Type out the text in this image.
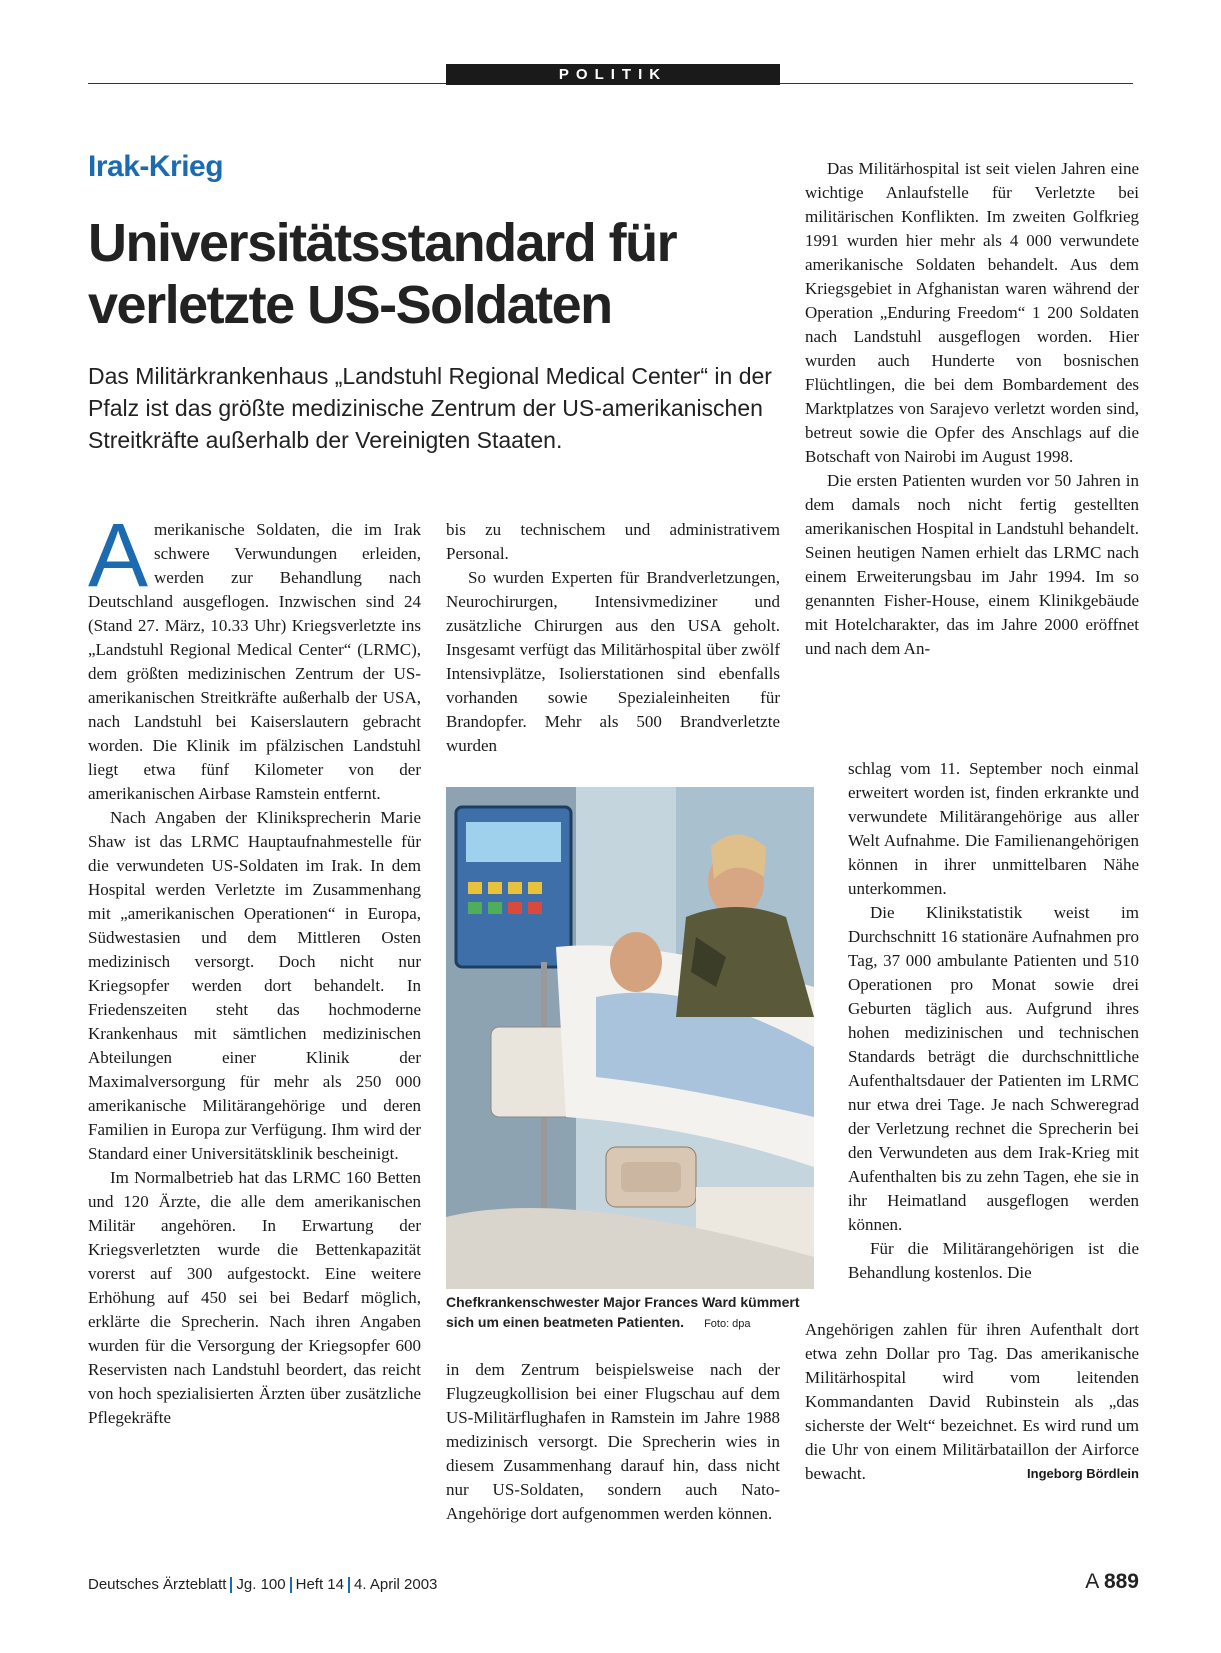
POLITIK
Irak-Krieg
Universitätsstandard für verletzte US-Soldaten

Das Militärkrankenhaus „Landstuhl Regional Medical Center“ in der Pfalz ist das größte medizinische Zentrum der US-amerikanischen Streitkräfte außerhalb der Vereinigten Staaten.

Amerikanische Soldaten, die im Irak schwere Verwundungen erleiden, werden zur Behandlung nach Deutschland ausgeflogen. Inzwischen sind 24 (Stand 27. März, 10.33 Uhr) Kriegsverletzte ins „Landstuhl Regional Medical Center“ (LRMC), dem größten medizinischen Zentrum der US-amerikanischen Streitkräfte außerhalb der USA, nach Landstuhl bei Kaiserslautern gebracht worden. Die Klinik im pfälzischen Landstuhl liegt etwa fünf Kilometer von der amerikanischen Airbase Ramstein entfernt.

Nach Angaben der Kliniksprecherin Marie Shaw ist das LRMC Hauptaufnahmestelle für die verwundeten US-Soldaten im Irak. In dem Hospital werden Verletzte im Zusammenhang mit „amerikanischen Operationen“ in Europa, Südwestasien und dem Mittleren Osten medizinisch versorgt. Doch nicht nur Kriegsopfer werden dort behandelt. In Friedenszeiten steht das hochmoderne Krankenhaus mit sämtlichen medizinischen Abteilungen einer Klinik der Maximalversorgung für mehr als 250 000 amerikanische Militärangehörige und deren Familien in Europa zur Verfügung. Ihm wird der Standard einer Universitätsklinik bescheinigt.

Im Normalbetrieb hat das LRMC 160 Betten und 120 Ärzte, die alle dem amerikanischen Militär angehören. In Erwartung der Kriegsverletzten wurde die Bettenkapazität vorerst auf 300 aufgestockt. Eine weitere Erhöhung auf 450 sei bei Bedarf möglich, erklärte die Sprecherin. Nach ihren Angaben wurden für die Versorgung der Kriegsopfer 600 Reservisten nach Landstuhl beordert, das reicht von hoch spezialisierten Ärzten über zusätzliche Pflegekräfte

bis zu technischem und administrativem Personal.

So wurden Experten für Brandverletzungen, Neurochirurgen, Intensivmediziner und zusätzliche Chirurgen aus den USA geholt. Insgesamt verfügt das Militärhospital über zwölf Intensivplätze, Isolierstationen sind ebenfalls vorhanden sowie Spezialeinheiten für Brandopfer. Mehr als 500 Brandverletzte wurden

Chefkrankenschwester Major Frances Ward kümmert sich um einen beatmeten Patienten. Foto: dpa

in dem Zentrum beispielsweise nach der Flugzeugkollision bei einer Flugschau auf dem US-Militärflughafen in Ramstein im Jahre 1988 medizinisch versorgt. Die Sprecherin wies in diesem Zusammenhang darauf hin, dass nicht nur US-Soldaten, sondern auch Nato-Angehörige dort aufgenommen werden können.

Das Militärhospital ist seit vielen Jahren eine wichtige Anlaufstelle für Verletzte bei militärischen Konflikten. Im zweiten Golfkrieg 1991 wurden hier mehr als 4 000 verwundete amerikanische Soldaten behandelt. Aus dem Kriegsgebiet in Afghanistan waren während der Operation „Enduring Freedom“ 1 200 Soldaten nach Landstuhl ausgeflogen worden. Hier wurden auch Hunderte von bosnischen Flüchtlingen, die bei dem Bombardement des Marktplatzes von Sarajevo verletzt worden sind, betreut sowie die Opfer des Anschlags auf die Botschaft von Nairobi im August 1998.

Die ersten Patienten wurden vor 50 Jahren in dem damals noch nicht fertig gestellten amerikanischen Hospital in Landstuhl behandelt. Seinen heutigen Namen erhielt das LRMC nach einem Erweiterungsbau im Jahr 1994. Im so genannten Fisher-House, einem Klinikgebäude mit Hotelcharakter, das im Jahre 2000 eröffnet und nach dem An-

schlag vom 11. September noch einmal erweitert worden ist, finden erkrankte und verwundete Militärangehörige aus aller Welt Aufnahme. Die Familienangehörigen können in ihrer unmittelbaren Nähe unterkommen.

Die Klinikstatistik weist im Durchschnitt 16 stationäre Aufnahmen pro Tag, 37 000 ambulante Patienten und 510 Operationen pro Monat sowie drei Geburten täglich aus. Aufgrund ihres hohen medizinischen und technischen Standards beträgt die durchschnittliche Aufenthaltsdauer der Patienten im LRMC nur etwa drei Tage. Je nach Schweregrad der Verletzung rechnet die Sprecherin bei den Verwundeten aus dem Irak-Krieg mit Aufenthalten bis zu zehn Tagen, ehe sie in ihr Heimatland ausgeflogen werden können.

Für die Militärangehörigen ist die Behandlung kostenlos. Die

Angehörigen zahlen für ihren Aufenthalt dort etwa zehn Dollar pro Tag. Das amerikanische Militärhospital wird vom leitenden Kommandanten David Rubinstein als „das sicherste der Welt“ bezeichnet. Es wird rund um die Uhr von einem Militärbataillon der Airforce bewacht.	Ingeborg Bördlein

Deutsches Ärzteblatt Jg. 100 Heft 14 4. April 2003	A 889
